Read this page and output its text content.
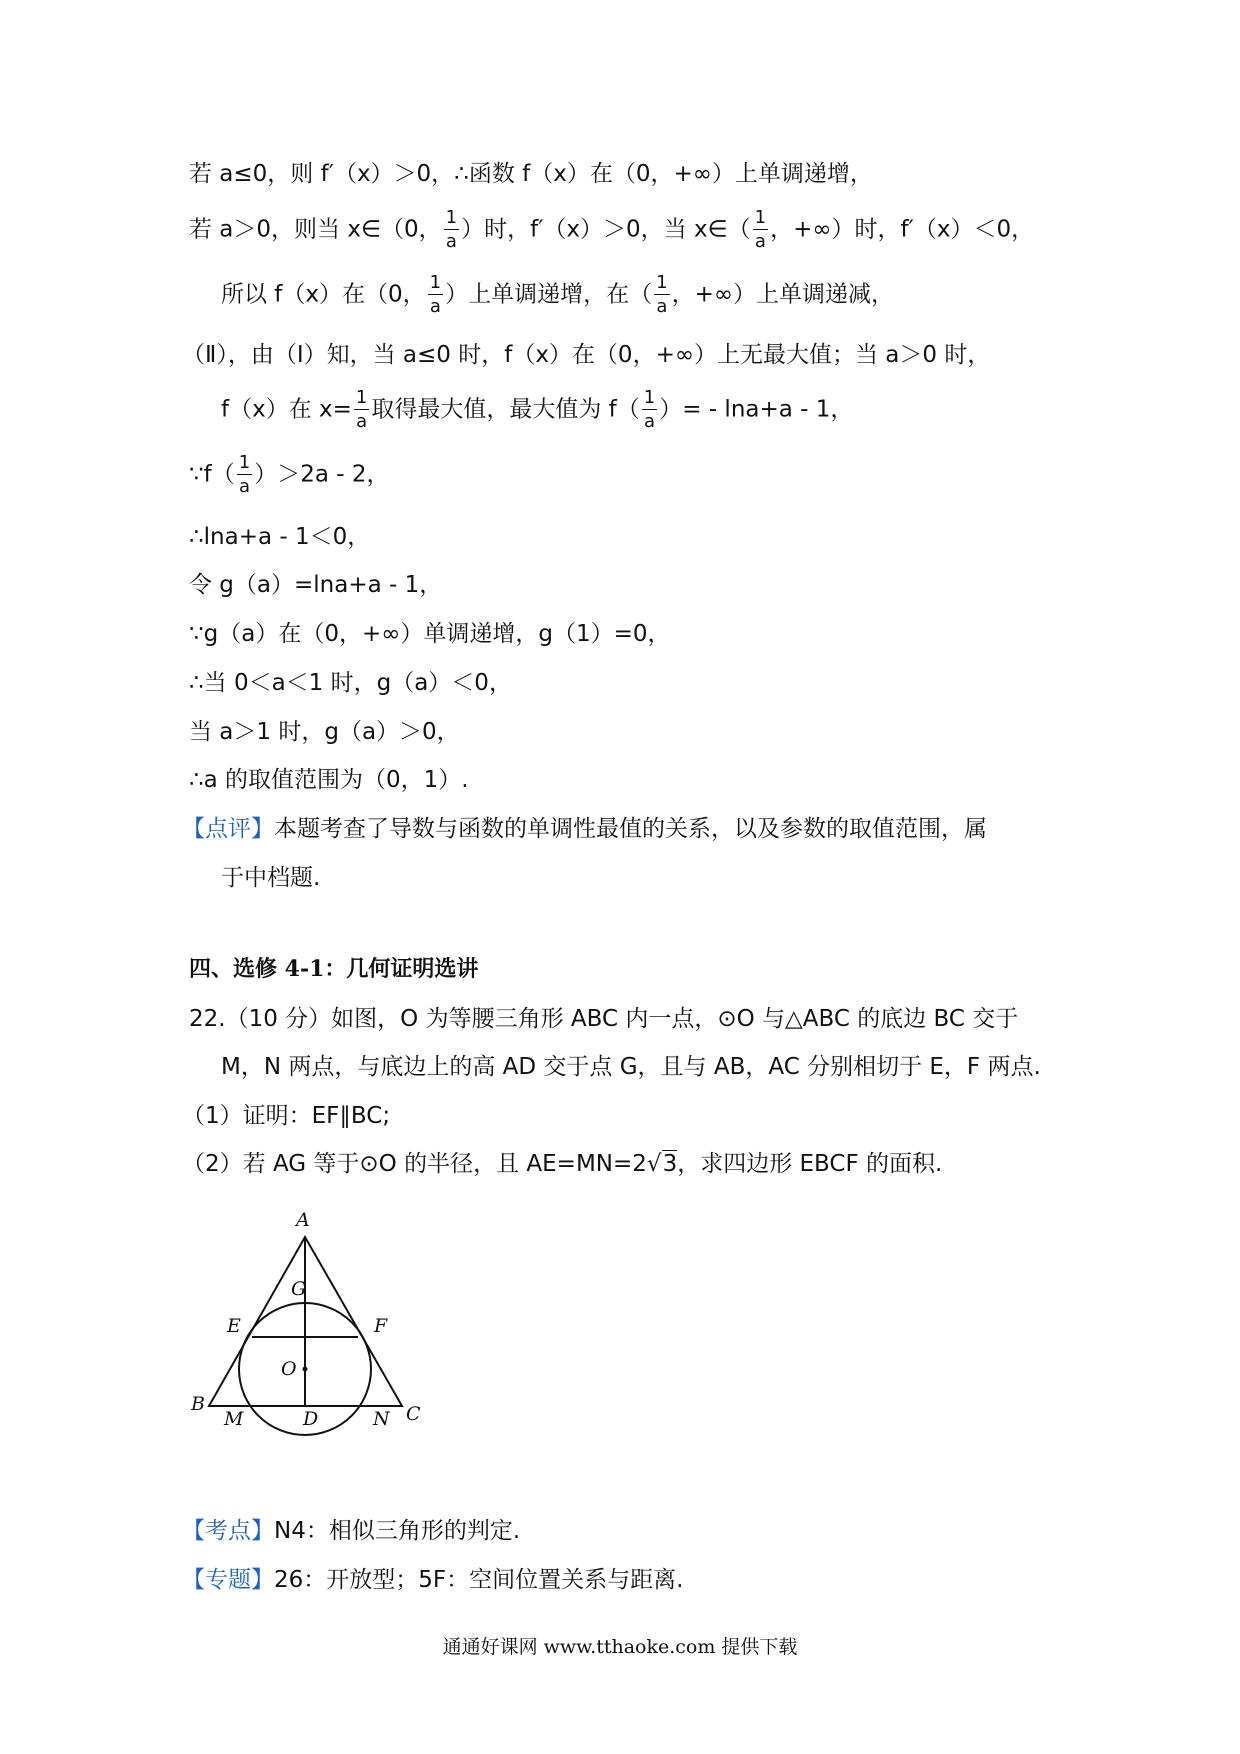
若 a≤0，则 f′（x）＞0，∴函数 f（x）在（0，+∞）上单调递增，
若 a＞0，则当 x∈（0， $\frac{1}{a}$ ）时，f′（x）＞0，当 x∈（ $\frac{1}{a}$ ，+∞）时，f′（x）＜0，
所以 f（x）在（0， $\frac{1}{a}$ ）上单调递增，在（ $\frac{1}{a}$ ，+∞）上单调递减，
（Ⅱ），由（Ⅰ）知，当 a≤0 时，f（x）在（0，+∞）上无最大值；当 a＞0 时，
f（x）在 $x= \frac{1}{a}$ 取得最大值，最大值为 $f( \frac{1}{a}$ ）= - lna+a - 1，
∵f（ $\frac{1}{a} )>2a - 2$，
∴lna+a - 1＜0，
令 g（a）=lna+a - 1，
∵g（a）在（0，+∞）单调递增，g（1）=0，
∴当 0＜a＜1 时，g（a）＜0，
当 a＞1 时，g（a）＞0，
∴a 的取值范围为（0，1）.
【点评】本题考查了导数与函数的单调性最值的关系，以及参数的取值范围，属
于中档题.
四、选修 4-1：几何证明选讲
22.（10 分）如图，O 为等腰三角形 ABC 内一点，⊙O 与△ABC 的底边 BC 交于
M，N 两点，与底边上的高 AD 交于点 G，且与 AB，AC 分别相切于 E，F 两点.
（1）证明：EF∥BC;
（2）若 AG 等于⊙O 的半径，且 AE=MN=2√3，求四边形 EBCF 的面积.
A
G
E	F
O
B
M	D	N C
【考点】N4：相似三角形的判定.
【专题】26：开放型；5F：空间位置关系与距离.
通通好课网 www.tthaoke.com 提供下载
